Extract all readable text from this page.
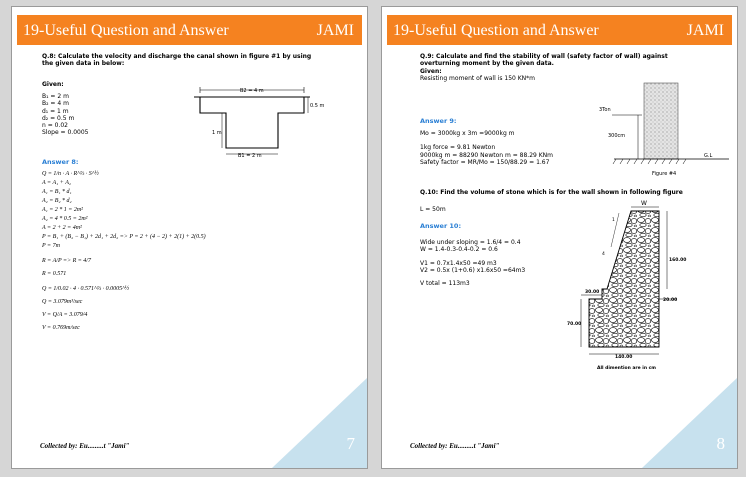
19-Useful Question and Answer	JAMI
Q.8: Calculate the velocity and discharge the canal shown in figure #1 by using the given data in below:
Given:
B₁ = 2 m
B₂ = 4 m
d₁ = 1 m
d₂ = 0.5 m
n = 0.02
Slope = 0.0005
B2 = 4 m
0.5 m
1 m
B1 = 2 m
Answer 8:
Q = 1/n · A · R^⅔ · S^½
A = A₁ + A₂
A₁ = B₁ * d₁
A₂ = B₂ * d₂
A₁ = 2 * 1 = 2m²
A₂ = 4 * 0.5 = 2m²
A = 2 + 2 = 4m²
P = B₁ + (B₂ − B₁) + 2d₁ + 2d₂ => P = 2 + (4 − 2) + 2(1) + 2(0.5)
P = 7m
R = A/P => R = 4/7
R = 0.571
Q = 1/0.02 · 4 · 0.571^⅔ · 0.0005^½
Q = 3.079m³/sec
V = Q/A = 3.079/4
V = 0.769m/sec
Collected by: Eu.........t "Jami"	7
19-Useful Question and Answer	JAMI
Q.9: Calculate and find the stability of wall (safety factor of wall) against overturning moment by the given data.
Given:
Resisting moment of wall is 150 KN*m
3Ton
300cm
G.L
Figure #4
Answer 9:
Mo = 3000kg x 3m =9000kg m
1kg force = 9.81 Newton
9000kg m = 88290 Newton m = 88.29 KNm
Safety factor = MR/Mo = 150/88.29 = 1.67
Q.10: Find the volume of stone which is for the wall shown in following figure
L = 50m
Answer 10:
Wide under sloping = 1.6/4 = 0.4
W = 1.4-0.3-0.4-0.2 = 0.6
V1 = 0.7x1.4x50 =49 m3
V2 = 0.5x (1+0.6) x1.6x50 =64m3
V total = 113m3
W
1
4
160.00
30.00
20.00
70.00
140.00
All dimention are in cm
Collected by: Eu.........t "Jami"	8
